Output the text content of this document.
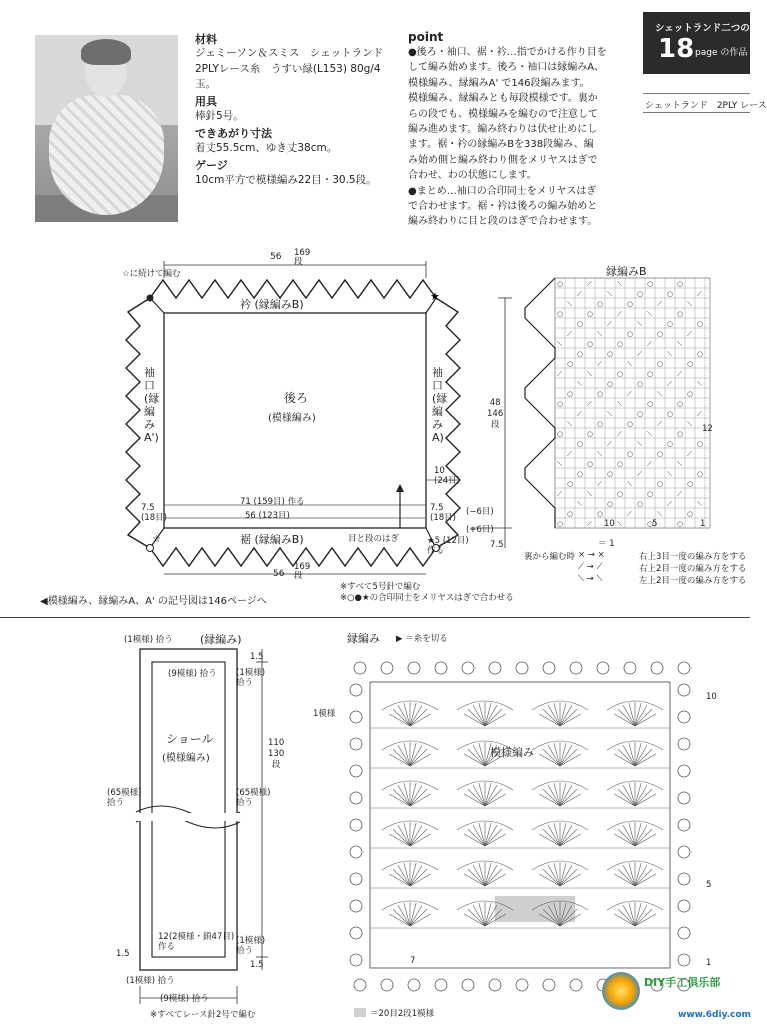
材料
ジェミーソン＆スミス　シェットランド
2PLYレース糸　うすい緑(L153) 80g/4
玉。
用具
棒針5号。
できあがり寸法
着丈55.5cm、ゆき丈38cm。
ゲージ
10cm平方で模様編み22目・30.5段。
point
●後ろ・袖口、裾・衿…指でかける作り目を
して編み始めます。後ろ・袖口は縁編みA、
模様編み、縁編みA' で146段編みます。
模様編み、縁編みとも毎段模様です。裏か
らの段でも、模様編みを編むので注意して
編み進めます。編み終わりは伏せ止めにし
ます。裾・衿の縁編みBを338段編み、編
み始め側と編み終わり側をメリヤスはぎで
合わせ、わの状態にします。
●まとめ…袖口の合印同士をメリヤスはぎ
で合わせます。裾・衿は後ろの編み始めと
編み終わりに目と段のはぎで合わせます。
シェットランド二つの巻
18 page の作品 -
シェットランド　2PLY レース
★
☆
○	⟋	⟍	○	○
⟋	⟍	○	○	⟋
⟍	○	○	⟋	⟍
○	○	⟋	⟍	○
○	⟋	⟍	○	○
⟋	⟍	○	○	⟋
⟍	○	○	⟋	⟍
○	○	⟋	⟍	○
○	⟋	⟍	○	○
⟋	⟍	○	○	⟋
⟍	○	○	⟋	⟍
○	○	⟋	⟍	○
○	⟋	⟍	○	○
⟋	⟍	○	○	⟋
⟍	○	○	⟋	⟍
○	○	⟋	⟍	○
○	⟋	⟍	○	○
⟋	⟍	○	○	⟋
⟍	○	○	⟋	⟍
○	○	⟋	⟍	○
○	⟋	⟍	○	○
⟋	⟍	○	○	⟋
⟍	○	○	⟋	⟍
○	○	⟋	⟍	○
○	⟋	⟍	○	○
☆に続けて編む
56 169
段
衿 (縁編みB)
裾 (縁編みB)
袖口
(縁編みA')
袖口
(縁編みA)
後ろ
(模様編み)
48
146
段
10
(24目)
71 (159目) 作る
56 (123目)
7.5
(18目)
7.5
(18目)
(−6目)
(+6目)
目と段のはぎ	★5 (12目)
作る
7.5
56
169
段
※すべて5号針で編む
※○●★の合印同士をメリヤスはぎで合わせる
◀模様編み、縁編みA、A' の記号図は146ページへ
縁編みB
12
10	5	1
＝ 1
裏から編む時 ⨯ → ⨯	右上3目一度の編み方をする
⟋ → ⟋	右上2目一度の編み方をする
⟍ → ⟍	左上2目一度の編み方をする
(1模様) 拾う (縁編み)
(9模様) 拾う (1模様)
拾う
ショール
(模様編み)
(65模様)
拾う
(65模様)
拾う
110
130
段
1.5
1.5
1.5
12(2模様・鎖47目)
作る
(1模様)
拾う
(1模様) 拾う
(9模様) 拾う
※すべてレース針2号で編む
縁編み ▶ ＝糸を切る
1模様
模様編み
10
5
1
7
＝20目2段1模様
DIY手工俱乐部
www.6diy.com
